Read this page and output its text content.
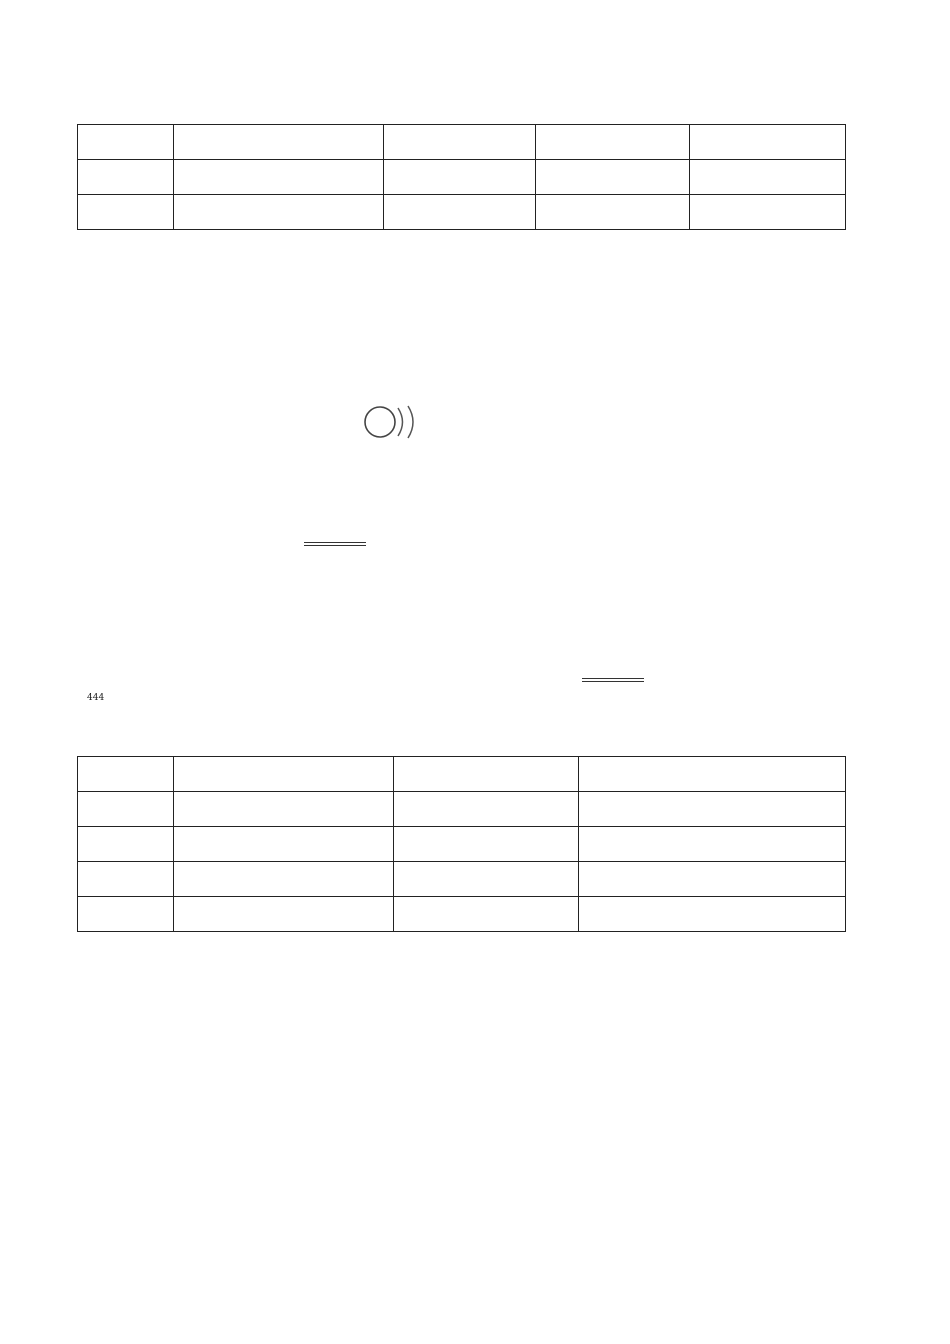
444
